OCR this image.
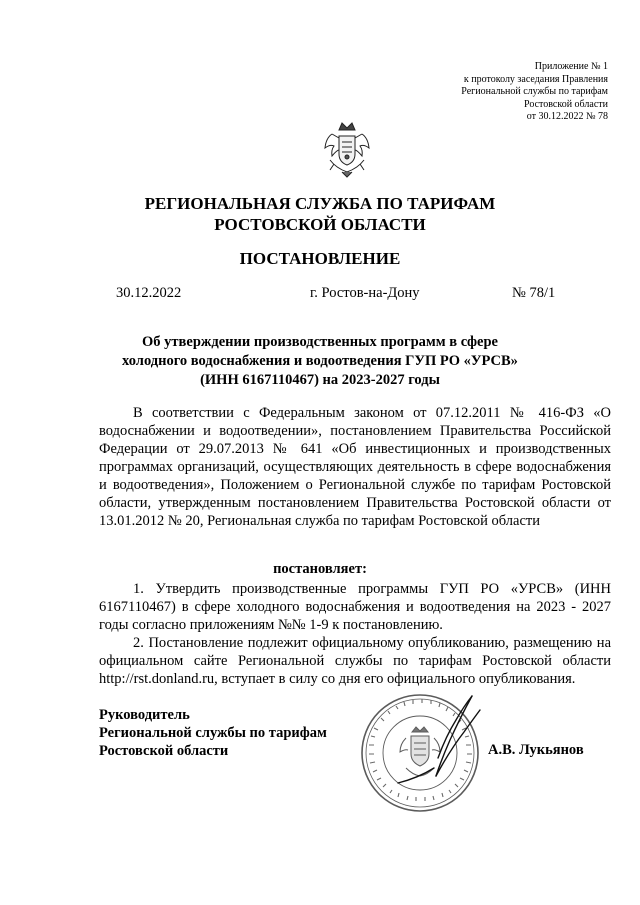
Приложение № 1
к протоколу заседания Правления
Региональной службы по тарифам
Ростовской области
от 30.12.2022 № 78
РЕГИОНАЛЬНАЯ СЛУЖБА ПО ТАРИФАМ
РОСТОВСКОЙ ОБЛАСТИ
ПОСТАНОВЛЕНИЕ
30.12.2022	г. Ростов-на-Дону	№ 78/1
Об утверждении производственных программ в сфере
холодного водоснабжения и водоотведения ГУП РО «УРСВ»
(ИНН 6167110467) на 2023-2027 годы

В соответствии с Федеральным законом от 07.12.2011 № 416-ФЗ «О водоснабжении и водоотведении», постановлением Правительства Российской Федерации от 29.07.2013 № 641 «Об инвестиционных и производственных программах организаций, осуществляющих деятельность в сфере водоснабжения и водоотведения», Положением о Региональной службе по тарифам Ростовской области, утвержденным постановлением Правительства Ростовской области от 13.01.2012 № 20, Региональная служба по тарифам Ростовской области

постановляет:

1. Утвердить производственные программы ГУП РО «УРСВ» (ИНН 6167110467) в сфере холодного водоснабжения и водоотведения на 2023 - 2027 годы согласно приложениям №№ 1-9 к постановлению.

2. Постановление подлежит официальному опубликованию, размещению на официальном сайте Региональной службы по тарифам Ростовской области http://rst.donland.ru, вступает в силу со дня его официального опубликования.

Руководитель
Региональной службы по тарифам
Ростовской области	А.В. Лукьянов
